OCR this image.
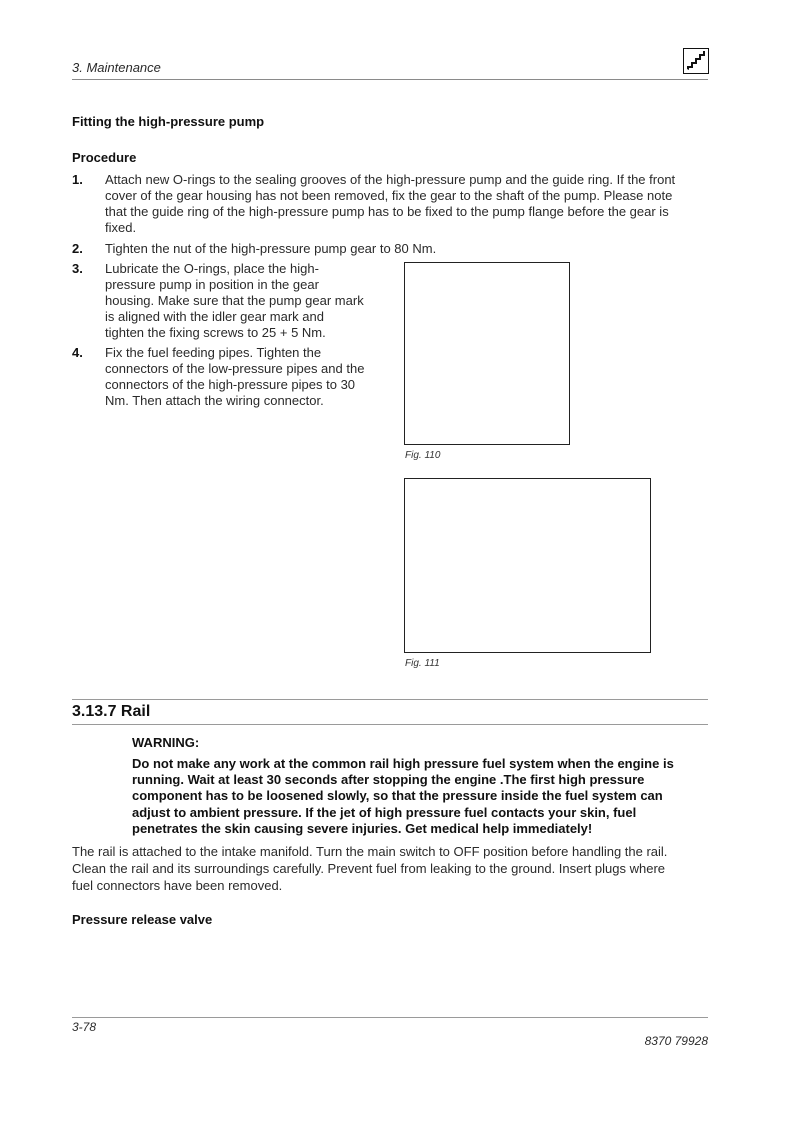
3. Maintenance
Fitting the high-pressure pump
Procedure
1. Attach new O-rings to the sealing grooves of the high-pressure pump and the guide ring. If the front
cover of the gear housing has not been removed, fix the gear to the shaft of the pump. Please note
that the guide ring of the high-pressure pump has to be fixed to the pump flange before the gear is
fixed.
2. Tighten the nut of the high-pressure pump gear to 80 Nm.
3. Lubricate the O-rings, place the high-
pressure pump in position in the gear
housing. Make sure that the pump gear mark
is aligned with the idler gear mark and
tighten the fixing screws to 25 + 5 Nm.
4. Fix the fuel feeding pipes. Tighten the
connectors of the low-pressure pipes and the
connectors of the high-pressure pipes to 30
Nm. Then attach the wiring connector.
Fig. 110
Fig. 111
3.13.7 Rail
WARNING:
Do not make any work at the common rail high pressure fuel system when the engine is
running. Wait at least 30 seconds after stopping the engine .The first high pressure
component has to be loosened slowly, so that the pressure inside the fuel system can
adjust to ambient pressure. If the jet of high pressure fuel contacts your skin, fuel
penetrates the skin causing severe injuries. Get medical help immediately!
The rail is attached to the intake manifold. Turn the main switch to OFF position before handling the rail.
Clean the rail and its surroundings carefully. Prevent fuel from leaking to the ground. Insert plugs where
fuel connectors have been removed.
Pressure release valve
3-78
8370 79928
